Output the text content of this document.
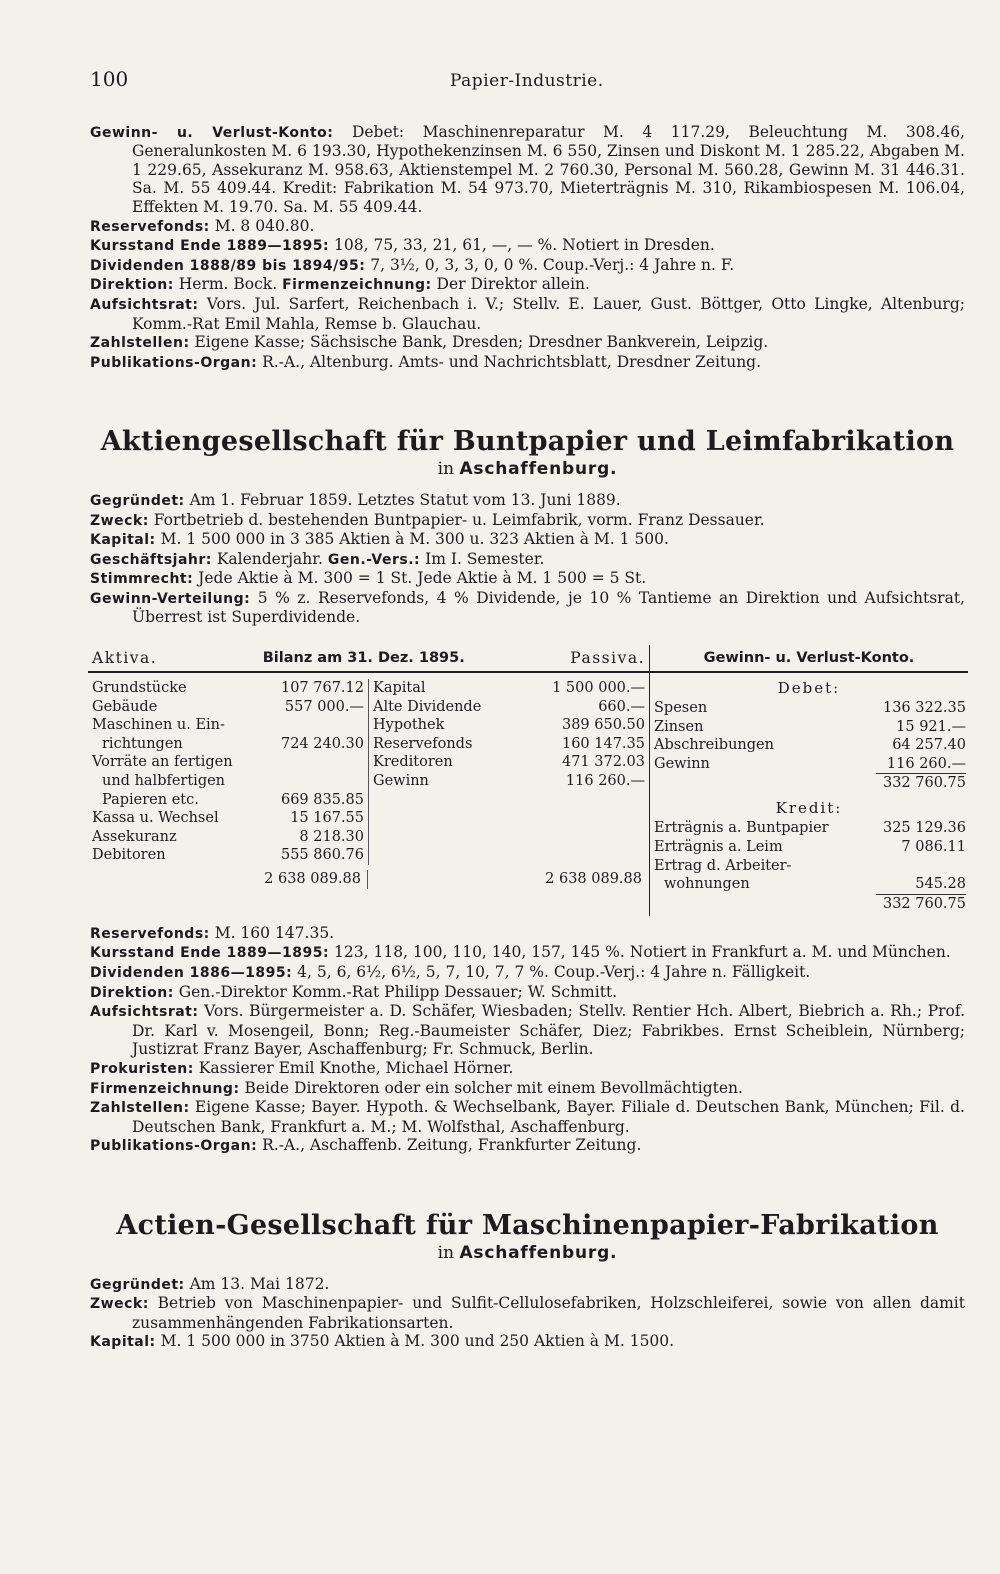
100	Papier-Industrie.

Gewinn- u. Verlust-Konto: Debet: Maschinenreparatur M. 4 117.29, Beleuchtung M. 308.46, Generalunkosten M. 6 193.30, Hypothekenzinsen M. 6 550, Zinsen und Diskont M. 1 285.22, Abgaben M. 1 229.65, Assekuranz M. 958.63, Aktienstempel M. 2 760.30, Personal M. 560.28, Gewinn M. 31 446.31. Sa. M. 55 409.44. Kredit: Fabrikation M. 54 973.70, Mieterträgnis M. 310, Rikambiospesen M. 106.04, Effekten M. 19.70. Sa. M. 55 409.44.

Reservefonds: M. 8 040.80.

Kursstand Ende 1889—1895: 108, 75, 33, 21, 61, —, — %. Notiert in Dresden.

Dividenden 1888/89 bis 1894/95: 7, 3½, 0, 3, 3, 0, 0 %. Coup.-Verj.: 4 Jahre n. F.

Direktion: Herm. Bock. Firmenzeichnung: Der Direktor allein.

Aufsichtsrat: Vors. Jul. Sarfert, Reichenbach i. V.; Stellv. E. Lauer, Gust. Böttger, Otto Lingke, Altenburg; Komm.-Rat Emil Mahla, Remse b. Glauchau.

Zahlstellen: Eigene Kasse; Sächsische Bank, Dresden; Dresdner Bankverein, Leipzig.

Publikations-Organ: R.-A., Altenburg. Amts- und Nachrichtsblatt, Dresdner Zeitung.

Aktiengesellschaft für Buntpapier und Leimfabrikation
in Aschaffenburg.

Gegründet: Am 1. Februar 1859. Letztes Statut vom 13. Juni 1889.

Zweck: Fortbetrieb d. bestehenden Buntpapier- u. Leimfabrik, vorm. Franz Dessauer.

Kapital: M. 1 500 000 in 3 385 Aktien à M. 300 u. 323 Aktien à M. 1 500.

Geschäftsjahr: Kalenderjahr. Gen.-Vers.: Im I. Semester.

Stimmrecht: Jede Aktie à M. 300 = 1 St. Jede Aktie à M. 1 500 = 5 St.

Gewinn-Verteilung: 5 % z. Reservefonds, 4 % Dividende, je 10 % Tantieme an Direktion und Aufsichtsrat, Überrest ist Superdividende.

Aktiva.	Bilanz am 31. Dez. 1895.	Passiva.
Grundstücke	107 767.12
Gebäude	557 000.—
Maschinen u. Ein-
richtungen	724 240.30
Vorräte an fertigen
und halbfertigen
Papieren etc.	669 835.85
Kassa u. Wechsel	15 167.55
Assekuranz	8 218.30
Debitoren	555 860.76
Kapital	1 500 000.—
Alte Dividende	660.—
Hypothek	389 650.50
Reservefonds	160 147.35
Kreditoren	471 372.03
Gewinn	116 260.—
2 638 089.88	2 638 089.88
Gewinn- u. Verlust-Konto.
Debet:
Spesen	136 322.35
Zinsen	15 921.—
Abschreibungen	64 257.40
Gewinn	116 260.—
332 760.75
Kredit:
Erträgnis a. Buntpapier	325 129.36
Erträgnis a. Leim	7 086.11
Ertrag d. Arbeiter-
wohnungen	545.28
332 760.75

Reservefonds: M. 160 147.35.

Kursstand Ende 1889—1895: 123, 118, 100, 110, 140, 157, 145 %. Notiert in Frankfurt a. M. und München.

Dividenden 1886—1895: 4, 5, 6, 6½, 6½, 5, 7, 10, 7, 7 %. Coup.-Verj.: 4 Jahre n. Fälligkeit.

Direktion: Gen.-Direktor Komm.-Rat Philipp Dessauer; W. Schmitt.

Aufsichtsrat: Vors. Bürgermeister a. D. Schäfer, Wiesbaden; Stellv. Rentier Hch. Albert, Biebrich a. Rh.; Prof. Dr. Karl v. Mosengeil, Bonn; Reg.-Baumeister Schäfer, Diez; Fabrikbes. Ernst Scheiblein, Nürnberg; Justizrat Franz Bayer, Aschaffenburg; Fr. Schmuck, Berlin.

Prokuristen: Kassierer Emil Knothe, Michael Hörner.

Firmenzeichnung: Beide Direktoren oder ein solcher mit einem Bevollmächtigten.

Zahlstellen: Eigene Kasse; Bayer. Hypoth. & Wechselbank, Bayer. Filiale d. Deutschen Bank, München; Fil. d. Deutschen Bank, Frankfurt a. M.; M. Wolfsthal, Aschaffenburg.

Publikations-Organ: R.-A., Aschaffenb. Zeitung, Frankfurter Zeitung.

Actien-Gesellschaft für Maschinenpapier-Fabrikation
in Aschaffenburg.

Gegründet: Am 13. Mai 1872.

Zweck: Betrieb von Maschinenpapier- und Sulfit-Cellulosefabriken, Holzschleiferei, sowie von allen damit zusammenhängenden Fabrikationsarten.

Kapital: M. 1 500 000 in 3750 Aktien à M. 300 und 250 Aktien à M. 1500.
